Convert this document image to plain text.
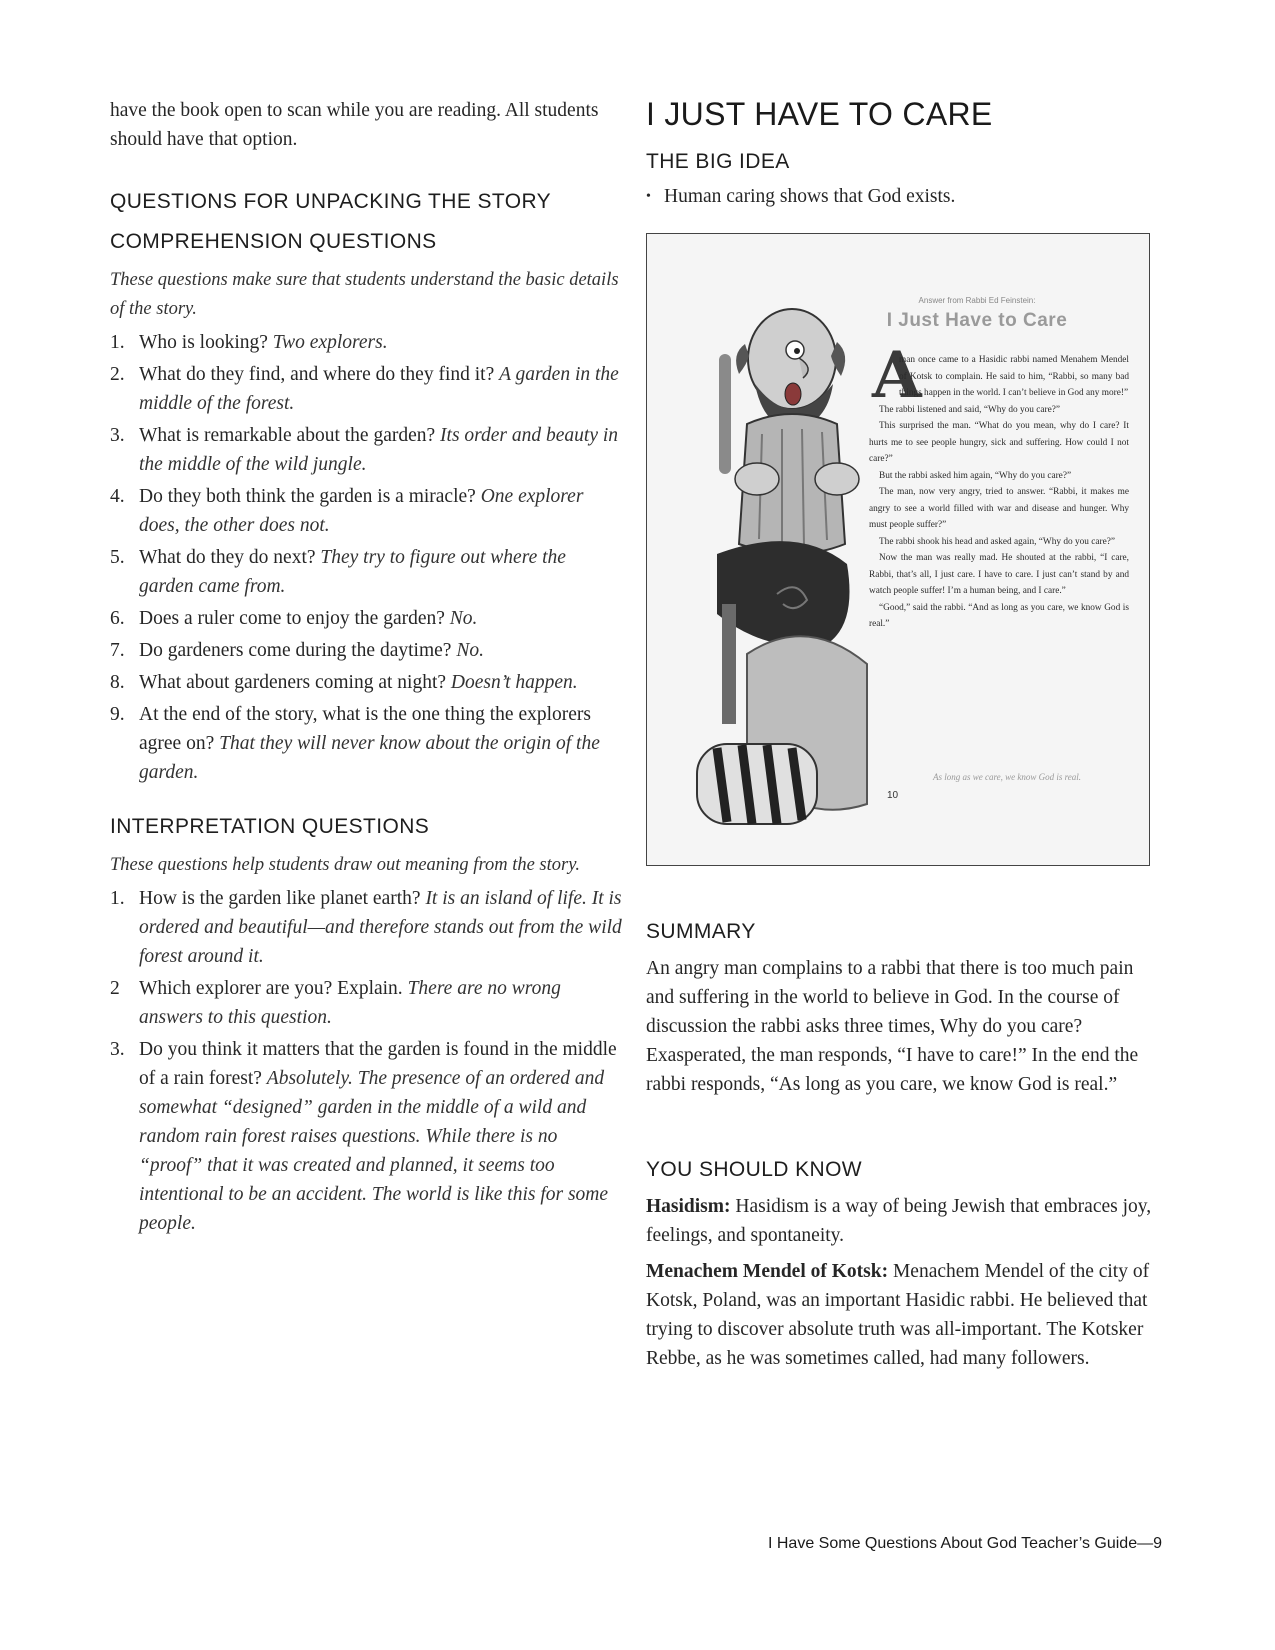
have the book open to scan while you are reading. All students should have that option.

QUESTIONS FOR UNPACKING THE STORY
COMPREHENSION QUESTIONS

These questions make sure that students understand the basic details of the story.

1. Who is looking? Two explorers.
2. What do they find, and where do they find it? A garden in the middle of the forest.
3. What is remarkable about the garden? Its order and beauty in the middle of the wild jungle.
4. Do they both think the garden is a miracle? One explorer does, the other does not.
5. What do they do next? They try to figure out where the garden came from.
6. Does a ruler come to enjoy the garden? No.
7. Do gardeners come during the daytime? No.
8. What about gardeners coming at night? Doesn’t happen.
9. At the end of the story, what is the one thing the explorers agree on? That they will never know about the origin of the garden.
INTERPRETATION QUESTIONS

These questions help students draw out meaning from the story.

1. How is the garden like planet earth? It is an island of life. It is ordered and beautiful—and therefore stands out from the wild forest around it.
2 Which explorer are you? Explain. There are no wrong answers to this question.
3. Do you think it matters that the garden is found in the middle of a rain forest? Absolutely. The presence of an ordered and somewhat “designed” garden in the middle of a wild and random rain forest raises questions. While there is no “proof” that it was created and planned, it seems too intentional to be an accident. The world is like this for some people.
I JUST HAVE TO CARE
THE BIG IDEA
• Human caring shows that God exists.
Answer from Rabbi Ed Feinstein:
I Just Have to Care
A

man once came to a Hasidic rabbi named Menahem Mendel of Kotsk to complain. He said to him, “Rabbi, so many bad things happen in the world. I can’t believe in God any more!”

The rabbi listened and said, “Why do you care?”

This surprised the man. “What do you mean, why do I care? It hurts me to see people hungry, sick and suffering. How could I not care?”

But the rabbi asked him again, “Why do you care?”

The man, now very angry, tried to answer. “Rabbi, it makes me angry to see a world filled with war and disease and hunger. Why must people suffer?”

The rabbi shook his head and asked again, “Why do you care?”

Now the man was really mad. He shouted at the rabbi, “I care, Rabbi, that’s all, I just care. I have to care. I just can’t stand by and watch people suffer! I’m a human being, and I care.”

“Good,” said the rabbi. “And as long as you care, we know God is real.”

As long as we care, we know God is real.
10
SUMMARY

An angry man complains to a rabbi that there is too much pain and suffering in the world to believe in God. In the course of discussion the rabbi asks three times, Why do you care? Exasperated, the man responds, “I have to care!” In the end the rabbi responds, “As long as you care, we know God is real.”

YOU SHOULD KNOW

Hasidism: Hasidism is a way of being Jewish that embraces joy, feelings, and spontaneity.

Menachem Mendel of Kotsk: Menachem Mendel of the city of Kotsk, Poland, was an important Hasidic rabbi. He believed that trying to discover absolute truth was all-important. The Kotsker Rebbe, as he was sometimes called, had many followers.

I Have Some Questions About God Teacher’s Guide—9
